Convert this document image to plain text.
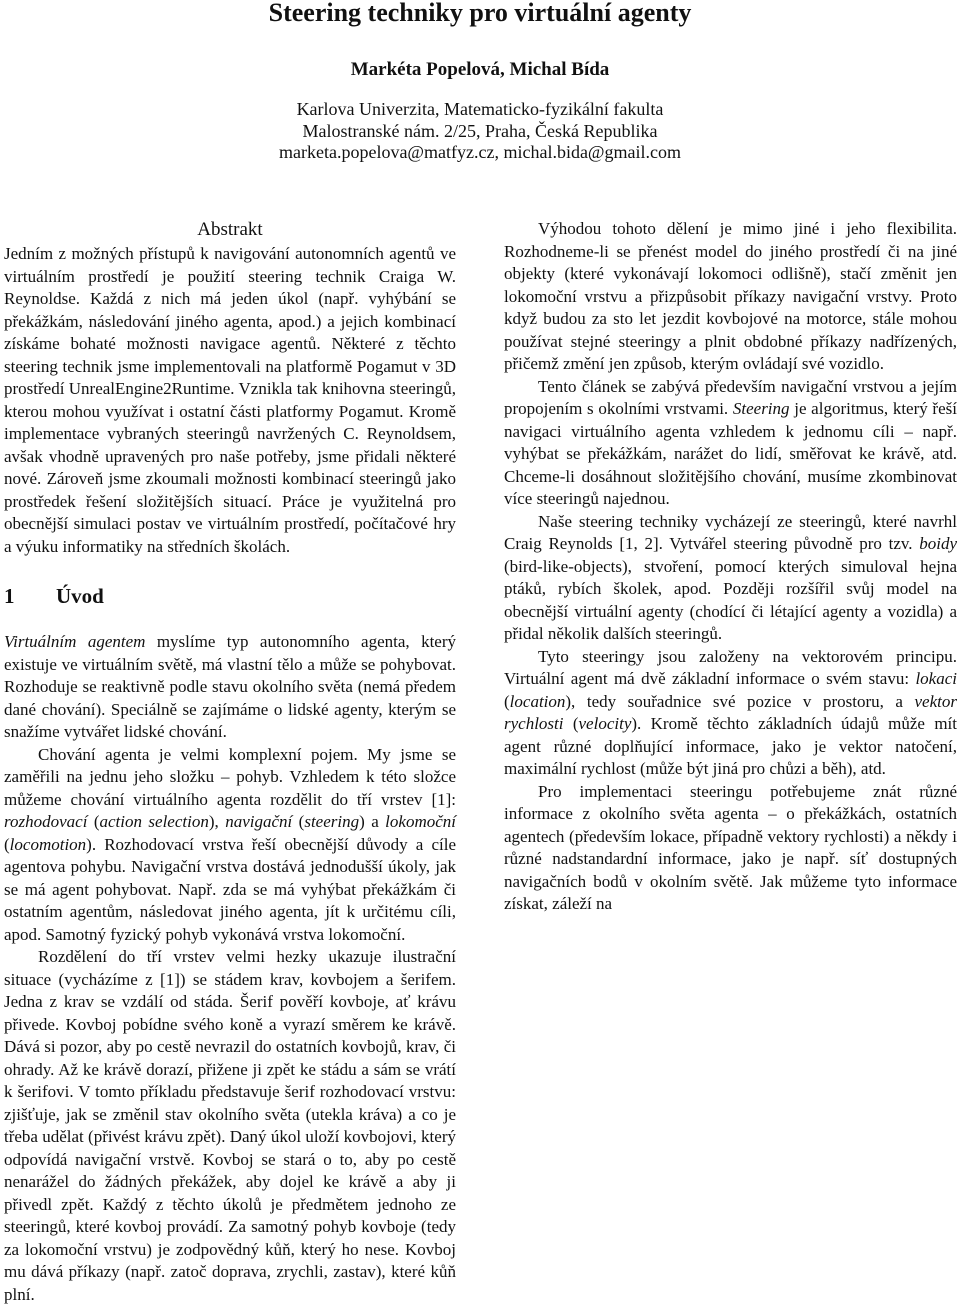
Steering techniky pro virtuální agenty
Markéta Popelová, Michal Bída
Karlova Univerzita, Matematicko-fyzikální fakulta
Malostranské nám. 2/25, Praha, Česká Republika
marketa.popelova@matfyz.cz, michal.bida@gmail.com
Abstrakt

Jedním z možných přístupů k navigování autonomních agentů ve virtuálním prostředí je použití steering technik Craiga W. Reynoldse. Každá z nich má jeden úkol (např. vyhýbání se překážkám, následování jiného agenta, apod.) a jejich kombinací získáme bohaté možnosti navigace agentů. Některé z těchto steering technik jsme implementovali na platformě Pogamut v 3D prostředí UnrealEngine2Runtime. Vznikla tak knihovna steeringů, kterou mohou využívat i ostatní části platformy Pogamut. Kromě implementace vybraných steeringů navržených C. Reynoldsem, avšak vhodně upravených pro naše potřeby, jsme přidali některé nové. Zároveň jsme zkoumali možnosti kombinací steeringů jako prostředek řešení složitějších situací. Práce je využitelná pro obecnější simulaci postav ve virtuálním prostředí, počítačové hry a výuku informatiky na středních školách.

1 Úvod

Virtuálním agentem myslíme typ autonomního agenta, který existuje ve virtuálním světě, má vlastní tělo a může se pohybovat. Rozhoduje se reaktivně podle stavu okolního světa (nemá předem dané chování). Speciálně se zajímáme o lidské agenty, kterým se snažíme vytvářet lidské chování.

Chování agenta je velmi komplexní pojem. My jsme se zaměřili na jednu jeho složku – pohyb. Vzhledem k této složce můžeme chování virtuálního agenta rozdělit do tří vrstev [1]: rozhodovací (action selection), navigační (steering) a lokomoční (locomotion). Rozhodovací vrstva řeší obecnější důvody a cíle agentova pohybu. Navigační vrstva dostává jednodušší úkoly, jak se má agent pohybovat. Např. zda se má vyhýbat překážkám či ostatním agentům, následovat jiného agenta, jít k určitému cíli, apod. Samotný fyzický pohyb vykonává vrstva lokomoční.

Rozdělení do tří vrstev velmi hezky ukazuje ilustrační situace (vycházíme z [1]) se stádem krav, kovbojem a šerifem. Jedna z krav se vzdálí od stáda. Šerif pověří kovboje, ať krávu přivede. Kovboj pobídne svého koně a vyrazí směrem ke krávě. Dává si pozor, aby po cestě nevrazil do ostatních kovbojů, krav, či ohrady. Až ke krávě dorazí, přižene ji zpět ke stádu a sám se vrátí k šerifovi. V tomto příkladu představuje šerif rozhodovací vrstvu: zjišťuje, jak se změnil stav okolního světa (utekla kráva) a co je třeba udělat (přivést krávu zpět). Daný úkol uloží kovbojovi, který odpovídá navigační vrstvě. Kovboj se stará o to, aby po cestě nenarážel do žádných překážek, aby dojel ke krávě a aby ji přivedl zpět. Každý z těchto úkolů je předmětem jednoho ze steeringů, které kovboj provádí. Za samotný pohyb kovboje (tedy za lokomoční vrstvu) je zodpovědný kůň, který ho nese. Kovboj mu dává příkazy (např. zatoč doprava, zrychli, zastav), které kůň plní.

Výhodou tohoto dělení je mimo jiné i jeho flexibilita. Rozhodneme-li se přenést model do jiného prostředí či na jiné objekty (které vykonávají lokomoci odlišně), stačí změnit jen lokomoční vrstvu a přizpůsobit příkazy navigační vrstvy. Proto když budou za sto let jezdit kovbojové na motorce, stále mohou používat stejné steeringy a plnit obdobné příkazy nadřízených, přičemž změní jen způsob, kterým ovládají své vozidlo.

Tento článek se zabývá především navigační vrstvou a jejím propojením s okolními vrstvami. Steering je algoritmus, který řeší navigaci virtuálního agenta vzhledem k jednomu cíli – např. vyhýbat se překážkám, narážet do lidí, směřovat ke krávě, atd. Chceme-li dosáhnout složitějšího chování, musíme zkombinovat více steeringů najednou.

Naše steering techniky vycházejí ze steeringů, které navrhl Craig Reynolds [1, 2]. Vytvářel steering původně pro tzv. boidy (bird-like-objects), stvoření, pomocí kterých simuloval hejna ptáků, rybích školek, apod. Později rozšířil svůj model na obecnější virtuální agenty (chodící či létající agenty a vozidla) a přidal několik dalších steeringů.

Tyto steeringy jsou založeny na vektorovém principu. Virtuální agent má dvě základní informace o svém stavu: lokaci (location), tedy souřadnice své pozice v prostoru, a vektor rychlosti (velocity). Kromě těchto základních údajů může mít agent různé doplňující informace, jako je vektor natočení, maximální rychlost (může být jiná pro chůzi a běh), atd.

Pro implementaci steeringu potřebujeme znát různé informace z okolního světa agenta – o překážkách, ostatních agentech (především lokace, případně vektory rychlosti) a někdy i různé nadstandardní informace, jako je např. síť dostupných navigačních bodů v okolním světě. Jak můžeme tyto informace získat, záleží na
